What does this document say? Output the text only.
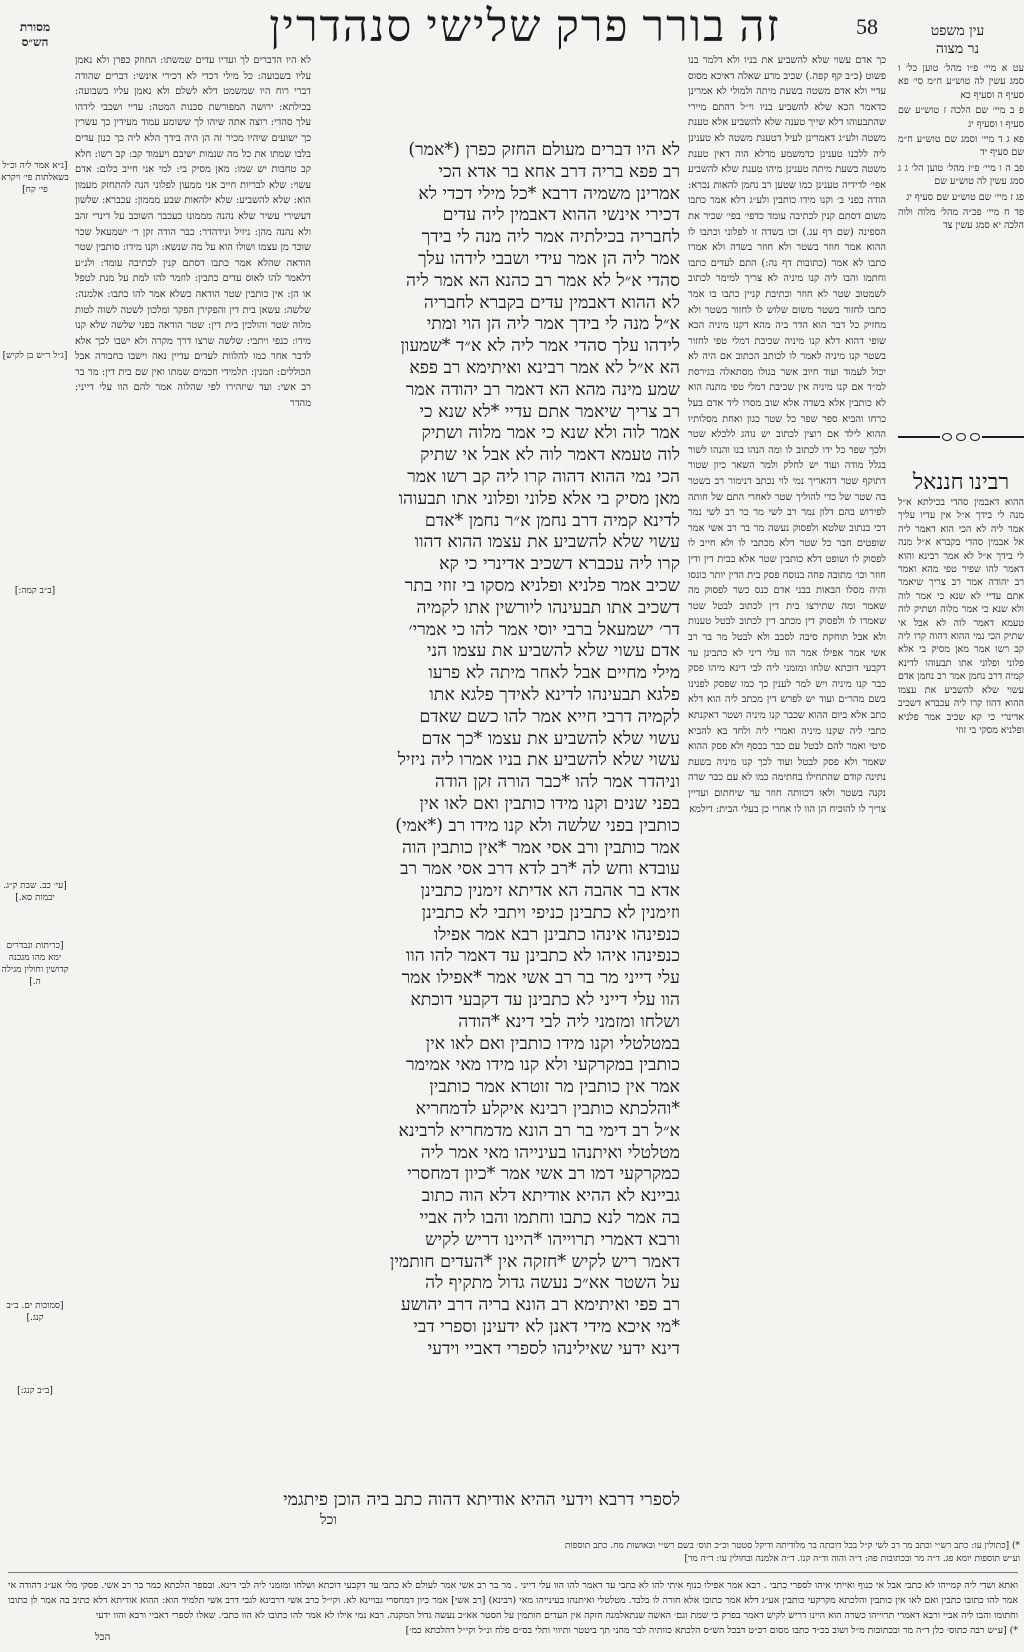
58
זה בורר פרק שלישי סנהדרין
מסורת
הש״ס
עין משפט
נר מצוה
עט א מיי׳ פ״ו מהל׳ טוען כל׳ ו סמג עשין לה טוש״ע ח״מ סי׳ פא סעיף ה וסעיף כא
פ ב מיי׳ שם הלכה ז טוש״ע שם סעיף ו וסעיף יג
פא ג ד מיי׳ וסמג שם טוש״ע ח״מ שם סעיף יד
פב ה ו מיי׳ פ״ז מהל׳ טוען הל׳ ג ג סמג עשין לה טוש״ע שם
פג ז מיי׳ שם טוש״ע שם סעיף יג
פד ח מיי׳ פכ״ה מהל׳ מלוה ולוה הלכה יא סמג עשין צד
רבינו חננאל
ההוא דאבמין סהדי בכילתא א״ל מנה לי בידך א״ל אין עדיו עליך אמר ליה לא הכי הוא דאמר ליה אל אבמין סהדי בקברא א״ל מנה לי בידך א״ל לא אמר רבינא והוא דאמר להו שפיר טפי מהא ואמר רב יהודה אמר רב צריך שיאמר אתם עדיי לא שנא כי אמר לוה ולא שנא כי אמר מלוה ושתיק לוה טעמא דאמר לוה לא אבל אי שתיק הכי נמי ההוא דהוה קרו ליה קב רשו אמר מאן מסיק בי אלא פלוני ופלוני אתו תבעוהו לדינא קמיה דרב נחמן אמר רב נחמן אדם עשוי שלא להשביע את עצמו ההוא דהוו קרו ליה עכברא דשכיב אדינרי כי קא שכיב אמר פלניא ופלניא מסקי בי זוזי
כך אדם עשוי שלא להשביע את בניו ולא דלמר בנו פשוט (כ״ב קף קפה.) שכיב מרע שאלה דאיכא מסוס עדיי ולא אדם משטה בשעת מיתה ולמולי לא אמרינן כדאמר הכא שלא להשביע בניו וי״ל דהתם מיירי שהתבעוהו דלא שייך טענה שלא להשביע אלא טענת משטה ולע״ג דאמרינן לעיל דטענת משטה לא טענינן ליה ללכנו טענינן כדמשמע מדלא הוה דאין טענת משטה בשעת מיתה טענינן מיהו טענת שלא להשביע אפי׳ לדידיה טענינן כמו שטען רב נחמן להאות נכרא: הודה בפני ב׳ וקנו מידו כותבין ולע״ג דלא אמר כתבו משום דסתם קנין לכתיבה עומד כדפי׳ בפי׳ שכיר את הספינה (שם דף עג.) וכו בשדה זו לפלוני וכתבו לו ההוא אמר חוזר בשטר ולא חוזר בשדה ולא אמרו כתבו לא אמר (כתובות דף נה:) התם לעדים כתבו וחתמו והבו ליה קנו מיניה לא צריך למימר לכתוב לשמטוב שטר לא חוזר וכתיבת קניין כתבו בו אמר כתבו לחזור בשטר משום שלוש לו לחזור בשטר ולא מחזיק כל דבר הוא הדר ביה מהא דקנו מיניה הכא שופי דהוא דלא קנו מיניה שכיבת דמלי טפי לחזור בשטר קנו מיניה לאמר לו לכותב הכתוב אם היה לא יכול לעמוד ועוד חיוב אשר בגולו מסתאלה בגירסת למ״ד אם קנו מיניה אין שכיבת דמלי טפי מתנה הוא לא כותבין אלא בשדה אלא שוב מסרו ליד אדם בעל כרחו והביא ספר שפר כל שטר כגון ואחת מסלותיו ההוא לילד אם רוצין לכתוב יש נוהג ללכלא שטר ולכך שפר כל ידו לכתוב לו ומה הנהו בנו והנהו לשור בגלל מודה ועוד יש לחלק ולמר השאר כיון שטור דתוקף שטר דהאריך נמי לוי נכתב דנימור רב בשטר בה שטר של כדי להוליך שטר לאחרי התם של חותה לפירוש בהם דלון נמר רב לשי מר כר רב לשי נמר דכי בנתוב שלטא ולפסוק נעשה מר בר רב אשי אמר שופטים חבר כל שטר דלא מכתבי לו ולא חייב לו לפסוק לו ושופט דלא כותבין שטר אלא בבית דין ודין חוזר וכו׳ מתובה פחה בנוסח פסק בית הדין יותר כונסו והיה מסלו הבאות בבני אדם כנס כשר לפסוק מה שאמר ומה שתירצו בית דין לכתוב לבטל שטר שאמרו לו ולפסוק דין מכתב דין לכתוב לבטל טענות ולא אבל תוחקת סיבה לסבב ולא לבטל מר בר רב אשי אמר אפילו אמר הוו עלי דיני לא כתבינן עד דקבעי דוכתא שלחו ומזמני ליה לבי דינא מיהו פסק כבר קנו מיניה ויש למר לענין כך כמו שפסק לפנינו בשם מהר״ם ועוד יש לפרש דין מכתב ליה הוא דלא כתב אלא ביום ההוא שכבר קנו מיניה ושטר דאקנתא כתבי ליה שקנו מיניה ואמרי ליה ולחד בא להביא סיטי ואמר להם לבטל עם כבר בכסף ולא פסק ההוא שאמר ולא פסק לבטל ועוד לכך קנו מיניה בשעת נתינה קודם שהתחילו בחתימה כמו לא עם כבר שדה נקנה בשטר ולאו דכוותה חוזר עד שיחתום ועדיין צריך לו להוכיח הן הוו לו אחרי כן בעלי הבית: דילמא
לא היו הדברים לך ועדיו עדים שמשתו: החוזק כפרן ולא נאמן עליו בשבועה: כל מילי דכדי לא דכירי אינשי: דברים שהודה דברי רוח היו שמשמט דלא לשלם ולא נאמן עליו בשבועה: בכילתא: ירושה המפורשת סכנות המטה: עדיי ושכבי לידהו עלך סהדי: רוצה אתה שיהו לך ששומע עמוד מעידין כך עשרין כך ישועים שיהיו מכיר זה הן היה בידך הלא ליה כך כנון עדים בלבו שמתו את כל מה שנמות ישיבם ויעמוד קב: קב רשו: חלא קב טחבות יש שמו: מאן מסיק בי: למי אני חייב כלום: אדם עשוי: שלא לבריות חייב אני ממעון לפלוני הנה להתחזק מעמון הוא: שלא להשביע: שלא ילהאות שבע מממון: עכברא: שלשון דעשירי עשיר שלא נהנה מממונו כעכבר השוכב על דינרי זהב ולא נהנה מהן: ניזיל ונידהדר: כבר הודה זקן ר׳ ישמעאל שכר שוכר מן עצמו ושולו הוא על מה שנשא: וקנו מידו: סותבין שטר הודאה שהלא אמר כתבו דסתם קנין לכתיבה עומד: ולנ״ע דלאמר להו לאוס עדים כתבין: לוזמר להו למת על מנת לטפל או הן: אין כותבין שטר הודאה כשלא אמר להו כתבו: אלמנה: שלשה: עשאן בית דין והפקירן הפקר ומלכון לשטה לשוה לטות מלוה שטר והולכין בית דין: שטר הודאה בפני שלשה שלא קנו מידו: כנפי ויתבי: שלשה שרצו דרך מקרה ולא ישבו לכך אלא לדבר אחר כמו להלוות לעדים עדיין נאה וישבו בחבורה אבל הכוללים: וזמנין: תלמידי חכמים שמתו ואין שם בית דין: מר בר רב אשי: ועד שיזהירו לפי שהלוה אמר להם הוו עלי דייני: מהדר
לא היו דברים מעולם החזק כפרן (*אמר)
רב פפא בריה דרב אחא בר אדא הכי
אמרינן משמיה דרבא *כל מילי דכדי לא
דכירי אינשי ההוא דאבמין ליה עדים
לחבריה בכילתיה אמר ליה מנה לי בידך
אמר ליה הן אמר עידי ושבבי לידהו עלך
סהדי א״ל לא אמר רב כהנא הא אמר ליה
לא ההוא דאבמין עדים בקברא לחבריה
א״ל מנה לי בידך אמר ליה הן הוי ומתי
לידהו עלך סהדי אמר ליה לא א״ד *שמעון
הא א״ל לא אמר רבינא ואיתימא רב פפא
שמע מינה מהא הא דאמר רב יהודה אמר
רב צריך שיאמר אתם עדיי *לא שנא כי
אמר לוה ולא שנא כי אמר מלוה ושתיק
לוה טעמא דאמר לוה לא אבל אי שתיק
הכי נמי ההוא דהוה קרו ליה קב רשו אמר
מאן מסיק בי אלא פלוני ופלוני אתו תבעוהו
לדינא קמיה דרב נחמן א״ר נחמן *אדם
עשוי שלא להשביע את עצמו ההוא דהוו
קרו ליה עכברא דשכיב אדינרי כי קא
שכיב אמר פלניא ופלניא מסקו בי זוזי בתר
דשכיב אתו תבעינהו ליורשין אתו לקמיה
דר׳ ישמעאל ברבי יוסי אמר להו כי אמרי׳
אדם עשוי שלא להשביע את עצמו הני
מילי מחיים אבל לאחר מיתה לא פרעו
פלגא תבעינהו לדינא לאידך פלגא אתו
לקמיה דרבי חייא אמר להו כשם שאדם
עשוי שלא להשביע את עצמו *כך אדם
עשוי שלא להשביע את בניו אמרו ליה ניזיל
וניהדר אמר להו *כבר הורה זקן הודה
בפני שנים וקנו מידו כותבין ואם לאו אין
כותבין בפני שלשה ולא קנו מידו רב (*אמי)
אמר כותבין ורב אסי אמר *אין כותבין הוה
עובדא וחש לה *רב לדא דרב אסי אמר רב
אדא בר אהבה הא אדיתא זימנין כתבינן
וזימנין לא כתבינן כניפי ויתבי לא כתבינן
כנפינהו אינהו כתבינן רבא אמר אפילו
כנפינהו איהו לא כתבינן עד דאמר להו הוו
עלי דייני מר בר רב אשי אמר *אפילו אמר
הוו עלי דייני לא כתבינן עד דקבעי דוכתא
ושלחו ומזמני ליה לבי דינא *הודה
במטלטלי וקנו מידו כותבין ואם לאו אין
כותבין במקרקעי ולא קנו מידו מאי אמימר
אמר אין כותבין מר זוטרא אמר כותבין
*והלכתא כותבין רבינא איקלע לדמחריא
א״ל רב דימי בר רב הונא מדמחריא לרבינא
מטלטלי ואיתנהו בעינייהו מאי אמר ליה
כמקרקעי דמו רב אשי אמר *כיון דמחסרי
גביינא לא ההיא אודיתא דלא הוה כתוב
בה אמר לנא כתבו וחתמו והבו ליה אביי
ורבא דאמרי תרוייהו *היינו דריש לקיש
דאמר ריש לקיש *חזקה אין *העדים חותמין
על השטר אא״כ נעשה גדול מתקיף לה
רב פפי ואיתימא רב הונא בריה דרב יהושע
*מי איכא מידי דאנן לא ידעינן וספרי דבי
דינא ידעי שאילינהו לספרי דאביי וידעי
לספרי דרבא וידעי ההיא אודיתא דהוה כתב ביה הוכן פיתגמי
וכל
[נ״א אמר ליה וכ״ל בשאלתות פי׳ ויקרא פי׳ קח]
[ג״ל ר״ש בן לקיש]
[ב״ב קמה:]
[עי׳ כב. שבת ק״ג. יבמות סא.]
[כריתות ונבדרים ימא מהו מגכנה קדושין וחולין מגילה ה.]
[סמוכות ים. ב״ב קנג.]
[ב״ב קנג:]
*) [כתולין עו: כתב רש״י וכתב מר רב לשי ק״ל בכל דוכתה בר מלודיתה ודיקל סטטר וכ״כ תוס׳ בשם רש״י ובאושות מח. כתב תוספות
וע״ש תוספות יומא פג. ד״ה מר ובכתובות פה: ד״ה והוה וד״ה קנו. ד״ה אלמנה ובחולין עו: ד״ה מר]
ואתא ושדי ליה קמייהו לא כתבי אבל אי כנוף ואייתי איהו לספרי כתבי . רבא אמר אפילו כנוף איתי להו לא כתבי עד דאמר להו הוו עלי דייני . מר בר רב אשי אמר לעולם לא כתבי עד דקבעי דוכתא ושלחו ומזמני ליה לבי דינא. ובספר הלכתא כמר בר רב אשי. פסקי מלי אע״ג דהודה אי אמר להו כתובו כתבין ואם לאו אין כותבין והלכתא מקרקעי כותבין אע״ג דלא אמר כתובו אלא חורה לו בלבד. מטלטלי ואיתנהו בעינייהו מאי (רבינא) [רב אשי] אמר כיון דמחסרי גבויינא לא. וקי״ל כרב אשי דרבינא לגבי דרב אשי תלמיד הוא: ההוא אודיתא דלא כתיב בה אמר לן כתובו וחתומו והבו ליה אביי ורבא דאמרי תרוייהו כשרה הוא היינו דריש לקיש דאמר בפרק כי שמת וגם׳ האשה שנתאלמנה חזקה אין העדים חותמין על הסטר אא״כ נעשה גדול המקנה. רבא נמי אילו לא אמר להו כתובו לא הוו כתבי. שאלו לספרי דאביי ורבא והוו ידעי
*) [ע״ש רבה כתוס׳ כלן ד״ה מר ובכתובות מ״ל ושוב בכ״ד כתבו מסום רכ״ט דבכל הש״ס הלכתא כוותיה לבר מהני תך ביטטר ותיווי ותלי בס״ם פלח ונ״ל וקי״ל דהלכתא כמ׳]
הכל
